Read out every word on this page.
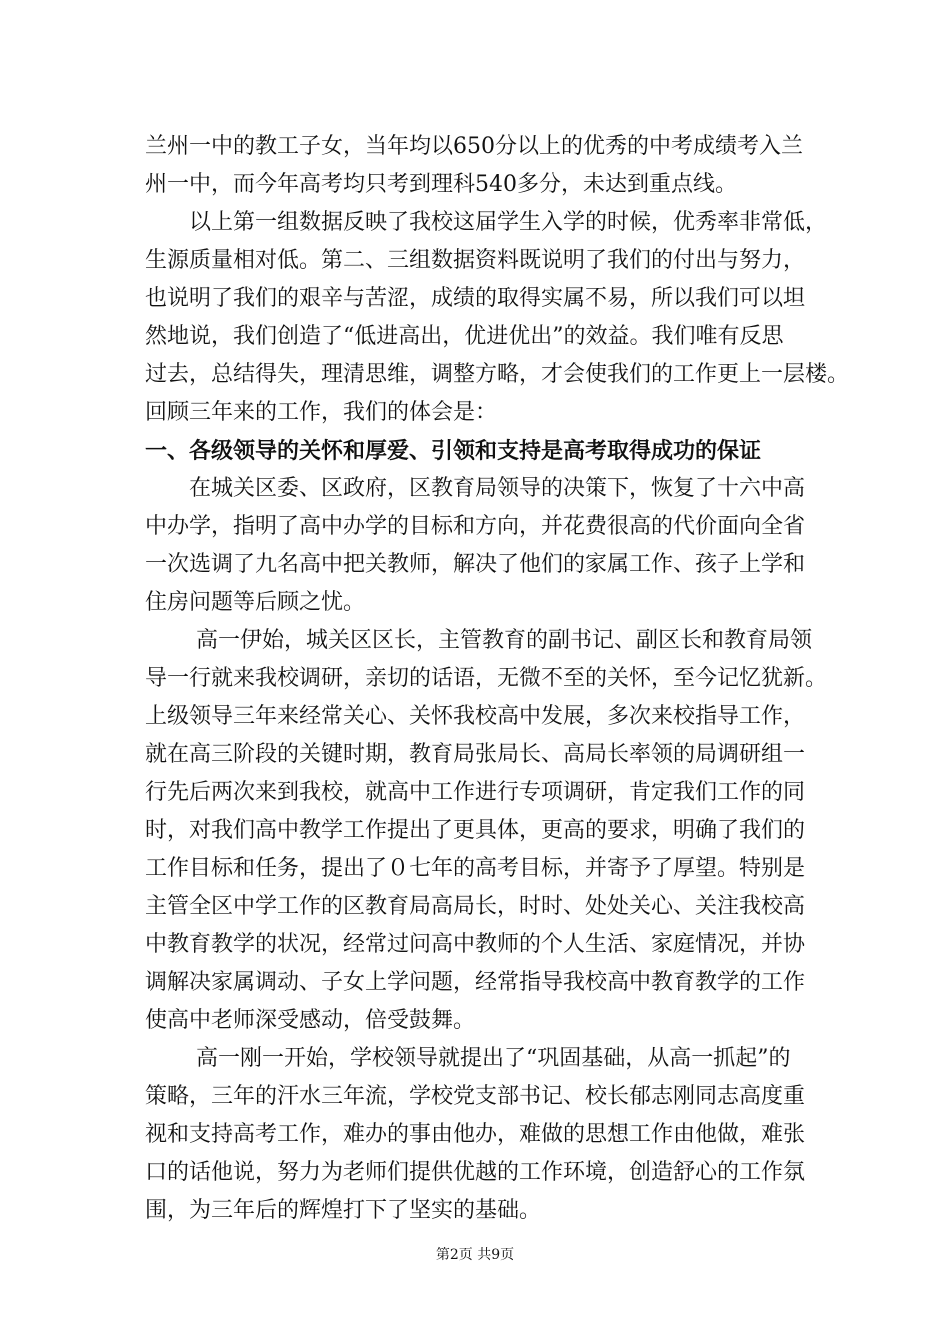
兰州一中的教工子女，当年均以650分以上的优秀的中考成绩考入兰
州一中，而今年高考均只考到理科540多分，未达到重点线。
　　以上第一组数据反映了我校这届学生入学的时候，优秀率非常低，
生源质量相对低。第二、三组数据资料既说明了我们的付出与努力，
也说明了我们的艰辛与苦涩，成绩的取得实属不易，所以我们可以坦
然地说，我们创造了“低进高出，优进优出”的效益。我们唯有反思
过去，总结得失，理清思维，调整方略，才会使我们的工作更上一层楼。
回顾三年来的工作，我们的体会是：
一、各级领导的关怀和厚爱、引领和支持是高考取得成功的保证
　　在城关区委、区政府，区教育局领导的决策下，恢复了十六中高
中办学，指明了高中办学的目标和方向，并花费很高的代价面向全省
一次选调了九名高中把关教师，解决了他们的家属工作、孩子上学和
住房问题等后顾之忧。
　　 高一伊始，城关区区长，主管教育的副书记、副区长和教育局领
导一行就来我校调研，亲切的话语，无微不至的关怀，至今记忆犹新。
上级领导三年来经常关心、关怀我校高中发展，多次来校指导工作，
就在高三阶段的关键时期，教育局张局长、高局长率领的局调研组一
行先后两次来到我校，就高中工作进行专项调研，肯定我们工作的同
时，对我们高中教学工作提出了更具体，更高的要求，明确了我们的
工作目标和任务，提出了０七年的高考目标，并寄予了厚望。特别是
主管全区中学工作的区教育局高局长，时时、处处关心、关注我校高
中教育教学的状况，经常过问高中教师的个人生活、家庭情况，并协
调解决家属调动、子女上学问题，经常指导我校高中教育教学的工作
使高中老师深受感动，倍受鼓舞。
　　 高一刚一开始，学校领导就提出了“巩固基础，从高一抓起”的
策略，三年的汗水三年流，学校党支部书记、校长郁志刚同志高度重
视和支持高考工作，难办的事由他办，难做的思想工作由他做，难张
口的话他说，努力为老师们提供优越的工作环境，创造舒心的工作氛
围，为三年后的辉煌打下了坚实的基础。
第2页 共9页
